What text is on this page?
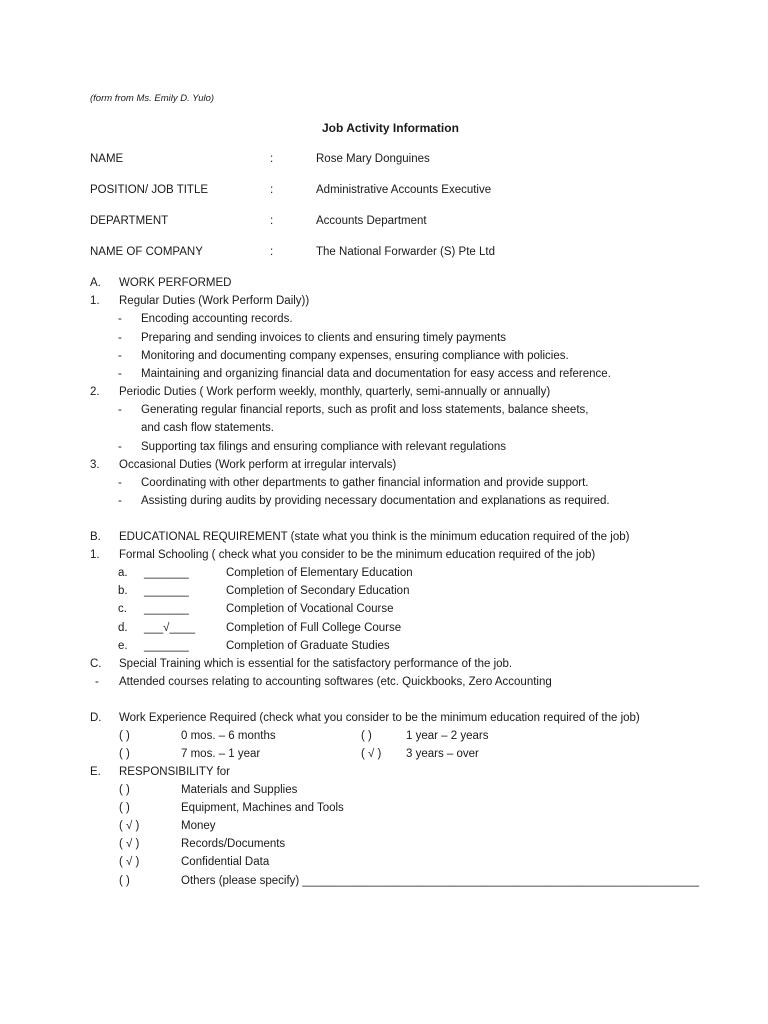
(form from Ms. Emily D. Yulo)
Job Activity Information
NAME	:	Rose Mary Donguines
POSITION/ JOB TITLE	:	Administrative Accounts Executive
DEPARTMENT	:	Accounts Department
NAME OF COMPANY	:	The National Forwarder (S) Pte Ltd
A. WORK PERFORMED
1. Regular Duties (Work Perform Daily))
- Encoding accounting records.
- Preparing and sending invoices to clients and ensuring timely payments
- Monitoring and documenting company expenses, ensuring compliance with policies.
- Maintaining and organizing financial data and documentation for easy access and reference.
2. Periodic Duties ( Work perform weekly, monthly, quarterly, semi-annually or annually)
- Generating regular financial reports, such as profit and loss statements, balance sheets,
and cash flow statements.
- Supporting tax filings and ensuring compliance with relevant regulations
3. Occasional Duties (Work perform at irregular intervals)
- Coordinating with other departments to gather financial information and provide support.
- Assisting during audits by providing necessary documentation and explanations as required.
B. EDUCATIONAL REQUIREMENT (state what you think is the minimum education required of the job)
1. Formal Schooling ( check what you consider to be the minimum education required of the job)
a. _______	Completion of Elementary Education
b. _______	Completion of Secondary Education
c. _______	Completion of Vocational Course
d. ___√____	Completion of Full College Course
e. _______	Completion of Graduate Studies
C. Special Training which is essential for the satisfactory performance of the job.
- Attended courses relating to accounting softwares (etc. Quickbooks, Zero Accounting
D. Work Experience Required (check what you consider to be the minimum education required of the job)
( )	0 mos. – 6 months	( )	1 year – 2 years
( )	7 mos. – 1 year	( √ ) 3 years – over
E. RESPONSIBILITY for
( )	Materials and Supplies
( )	Equipment, Machines and Tools
( √ )	Money
( √ )	Records/Documents
( √ )	Confidential Data
( )	Others (please specify) ______________________________________________________________
